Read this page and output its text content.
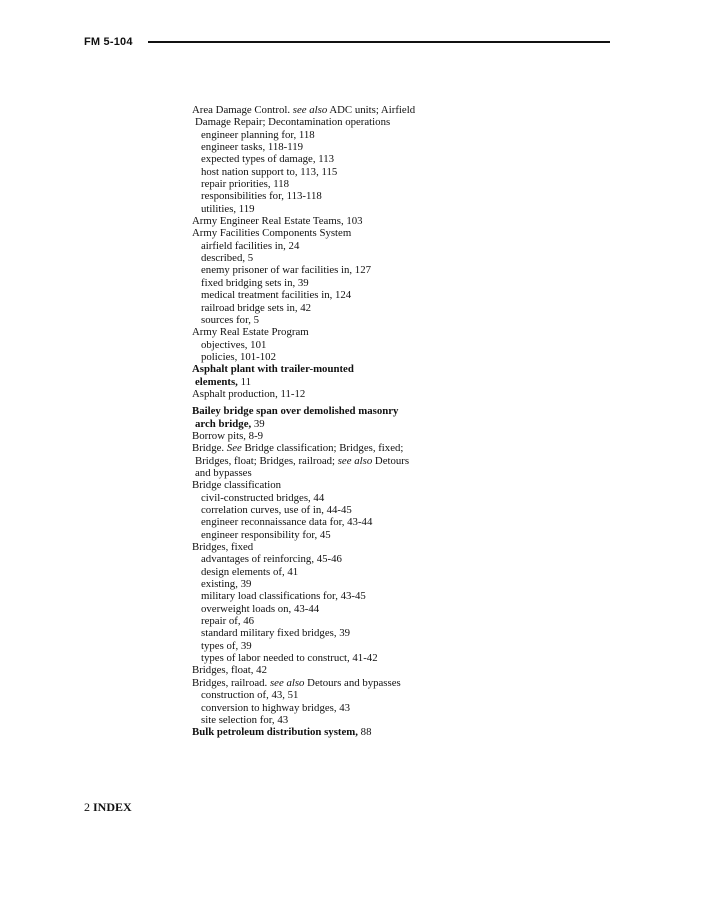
FM 5-104
Area Damage Control. see also ADC units; Airfield
Damage Repair; Decontamination operations
engineer planning for, 118
engineer tasks, 118-119
expected types of damage, 113
host nation support to, 113, 115
repair priorities, 118
responsibilities for, 113-118
utilities, 119
Army Engineer Real Estate Teams, 103
Army Facilities Components System
airfield facilities in, 24
described, 5
enemy prisoner of war facilities in, 127
fixed bridging sets in, 39
medical treatment facilities in, 124
railroad bridge sets in, 42
sources for, 5
Army Real Estate Program
objectives, 101
policies, 101-102
Asphalt plant with trailer-mounted
elements, 11
Asphalt production, 11-12
Bailey bridge span over demolished masonry
arch bridge, 39
Borrow pits, 8-9
Bridge. See Bridge classification; Bridges, fixed;
Bridges, float; Bridges, railroad; see also Detours
and bypasses
Bridge classification
civil-constructed bridges, 44
correlation curves, use of in, 44-45
engineer reconnaissance data for, 43-44
engineer responsibility for, 45
Bridges, fixed
advantages of reinforcing, 45-46
design elements of, 41
existing, 39
military load classifications for, 43-45
overweight loads on, 43-44
repair of, 46
standard military fixed bridges, 39
types of, 39
types of labor needed to construct, 41-42
Bridges, float, 42
Bridges, railroad. see also Detours and bypasses
construction of, 43, 51
conversion to highway bridges, 43
site selection for, 43
Bulk petroleum distribution system, 88
2 INDEX
